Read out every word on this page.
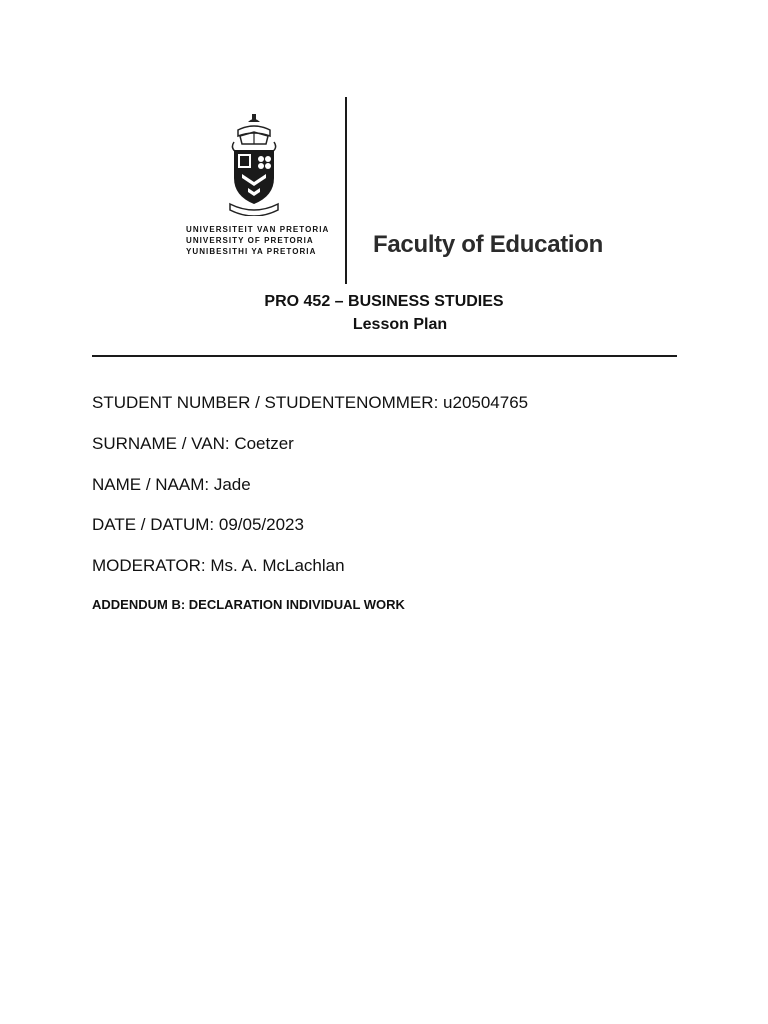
UNIVERSITEIT VAN PRETORIA
UNIVERSITY OF PRETORIA
YUNIBESITHI YA PRETORIA Faculty of Education
PRO 452 – BUSINESS STUDIES
Lesson Plan
STUDENT NUMBER / STUDENTENOMMER: u20504765
SURNAME / VAN: Coetzer
NAME / NAAM: Jade
DATE / DATUM: 09/05/2023
MODERATOR: Ms. A. McLachlan
ADDENDUM B: DECLARATION INDIVIDUAL WORK
